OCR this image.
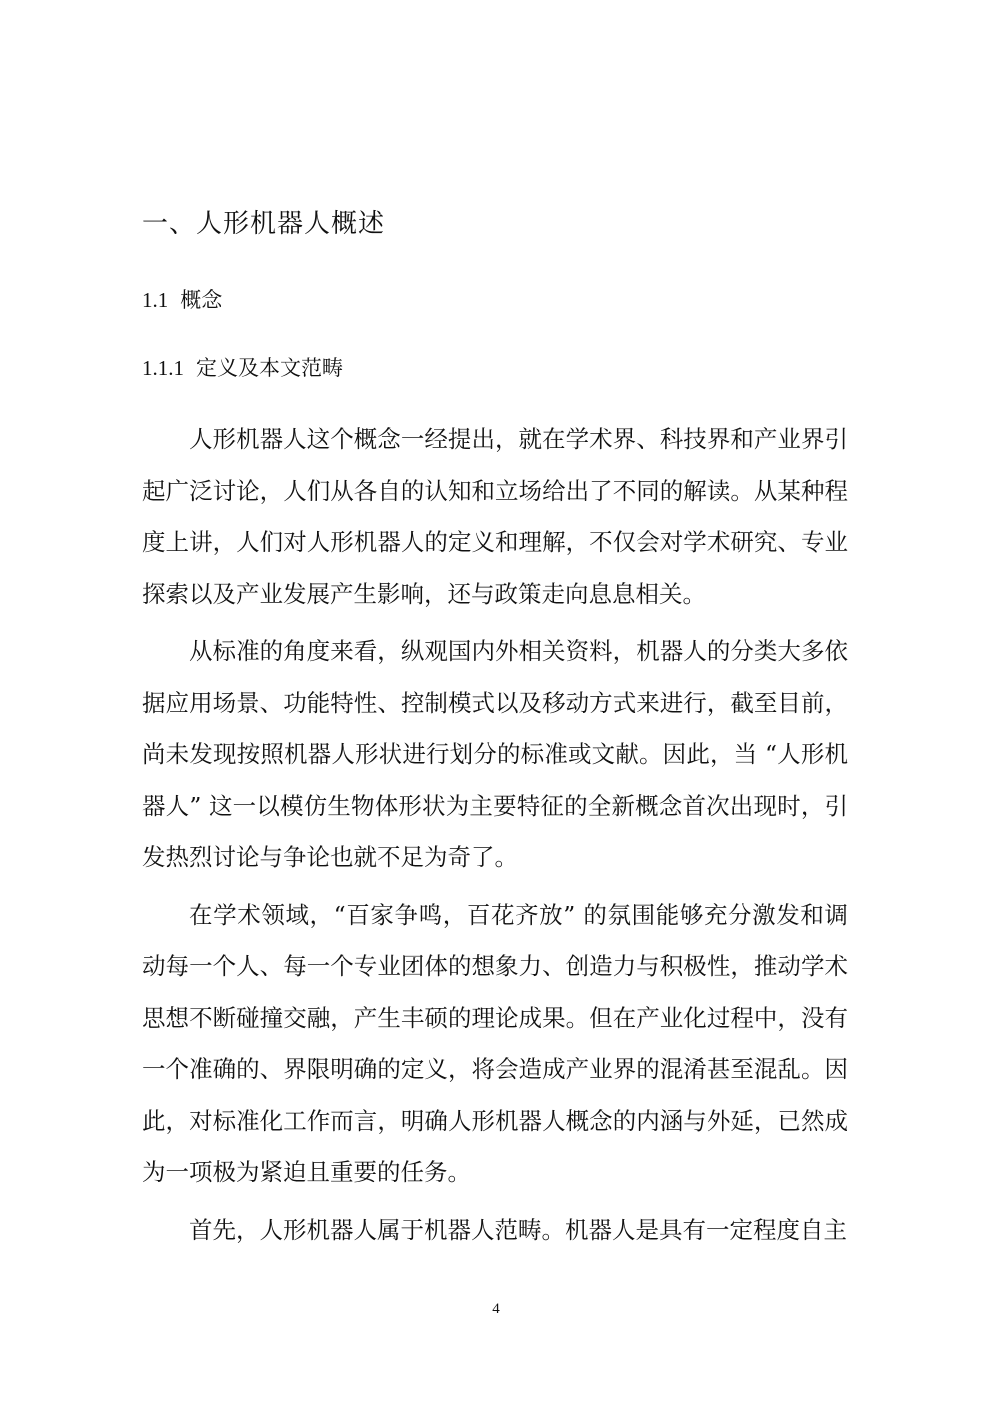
一、人形机器人概述
1.1 概念
1.1.1 定义及本文范畴

人形机器人这个概念一经提出，就在学术界、科技界和产业界引起广泛讨论，人们从各自的认知和立场给出了不同的解读。从某种程度上讲，人们对人形机器人的定义和理解，不仅会对学术研究、专业探索以及产业发展产生影响，还与政策走向息息相关。

从标准的角度来看，纵观国内外相关资料，机器人的分类大多依据应用场景、功能特性、控制模式以及移动方式来进行，截至目前，尚未发现按照机器人形状进行划分的标准或文献。因此，当 “人形机器人” 这一以模仿生物体形状为主要特征的全新概念首次出现时，引发热烈讨论与争论也就不足为奇了。

在学术领域，“百家争鸣，百花齐放” 的氛围能够充分激发和调动每一个人、每一个专业团体的想象力、创造力与积极性，推动学术思想不断碰撞交融，产生丰硕的理论成果。但在产业化过程中，没有一个准确的、界限明确的定义，将会造成产业界的混淆甚至混乱。因此，对标准化工作而言，明确人形机器人概念的内涵与外延，已然成为一项极为紧迫且重要的任务。

首先，人形机器人属于机器人范畴。机器人是具有一定程度自主

4
